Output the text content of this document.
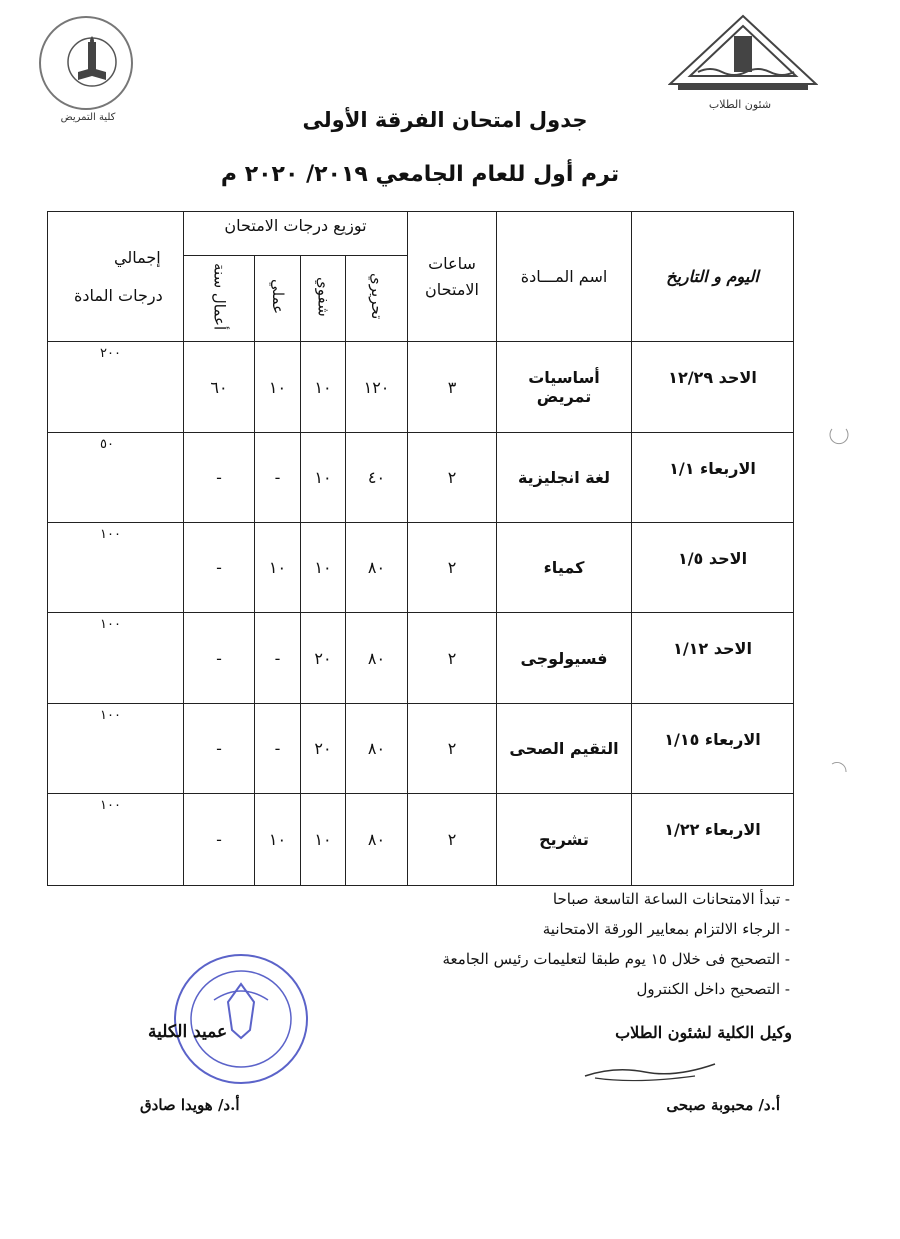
كلية التمريض
شئون الطلاب
جدول امتحان الفرقة الأولى
ترم أول للعام الجامعي ٢٠١٩/ ٢٠٢٠ م
اليوم و التاريخ	اسم المـــادة	ساعات الامتحان	توزيع درجات الامتحان				إجمالي
درجات المادة

			تحريري	شفوي	عملي	أعمال سنة	
الاحد ١٢/٢٩	أساسيات تمريض	٣	١٢٠	١٠	١٠	٦٠	٢٠٠
الاربعاء ١/١	لغة انجليزية	٢	٤٠	١٠	-	-	٥٠
الاحد ١/٥	كمياء	٢	٨٠	١٠	١٠	-	١٠٠
الاحد ١/١٢	فسيولوجى	٢	٨٠	٢٠	-	-	١٠٠
الاربعاء ١/١٥	التقيم الصحى	٢	٨٠	٢٠	-	-	١٠٠
الاربعاء ١/٢٢	تشريح	٢	٨٠	١٠	١٠	-	١٠٠
- تبدأ الامتحانات الساعة التاسعة صباحا
- الرجاء الالتزام بمعايير الورقة الامتحانية
- التصحيح فى خلال ١٥ يوم طبقا لتعليمات رئيس الجامعة
- التصحيح داخل الكنترول
وكيل الكلية لشئون الطلاب
أ.د/ محبوبة صبحى
عميد الكلية
أ.د/ هويدا صادق
